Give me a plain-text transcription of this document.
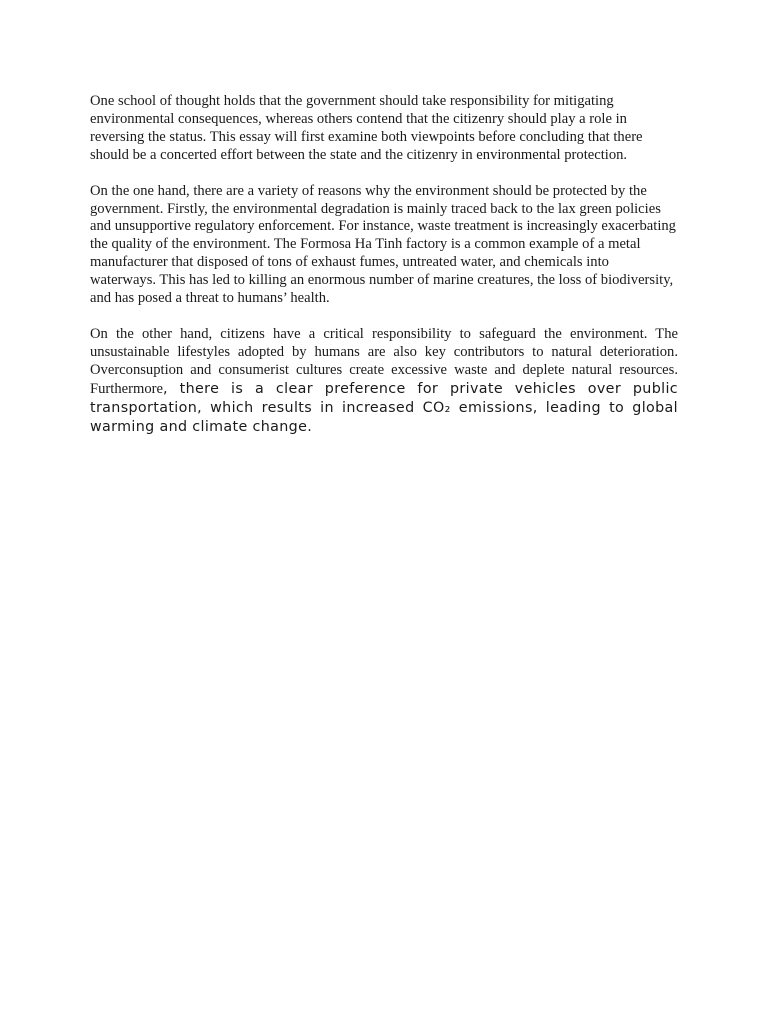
One school of thought holds that the government should take responsibility for mitigating environmental consequences, whereas others contend that the citizenry should play a role in reversing the status. This essay will first examine both viewpoints before concluding that there should be a concerted effort between the state and the citizenry in environmental protection.

On the one hand, there are a variety of reasons why the environment should be protected by the government. Firstly, the environmental degradation is mainly traced back to the lax green policies and unsupportive regulatory enforcement. For instance, waste treatment is increasingly exacerbating the quality of the environment. The Formosa Ha Tinh factory is a common example of a metal manufacturer that disposed of tons of exhaust fumes, untreated water, and chemicals into waterways. This has led to killing an enormous number of marine creatures, the loss of biodiversity, and has posed a threat to humans’ health.

On the other hand, citizens have a critical responsibility to safeguard the environment. The unsustainable lifestyles adopted by humans are also key contributors to natural deterioration. Overconsuption and consumerist cultures create excessive waste and deplete natural resources. Furthermore, there is a clear preference for private vehicles over public transportation, which results in increased CO₂ emissions, leading to global warming and climate change.
